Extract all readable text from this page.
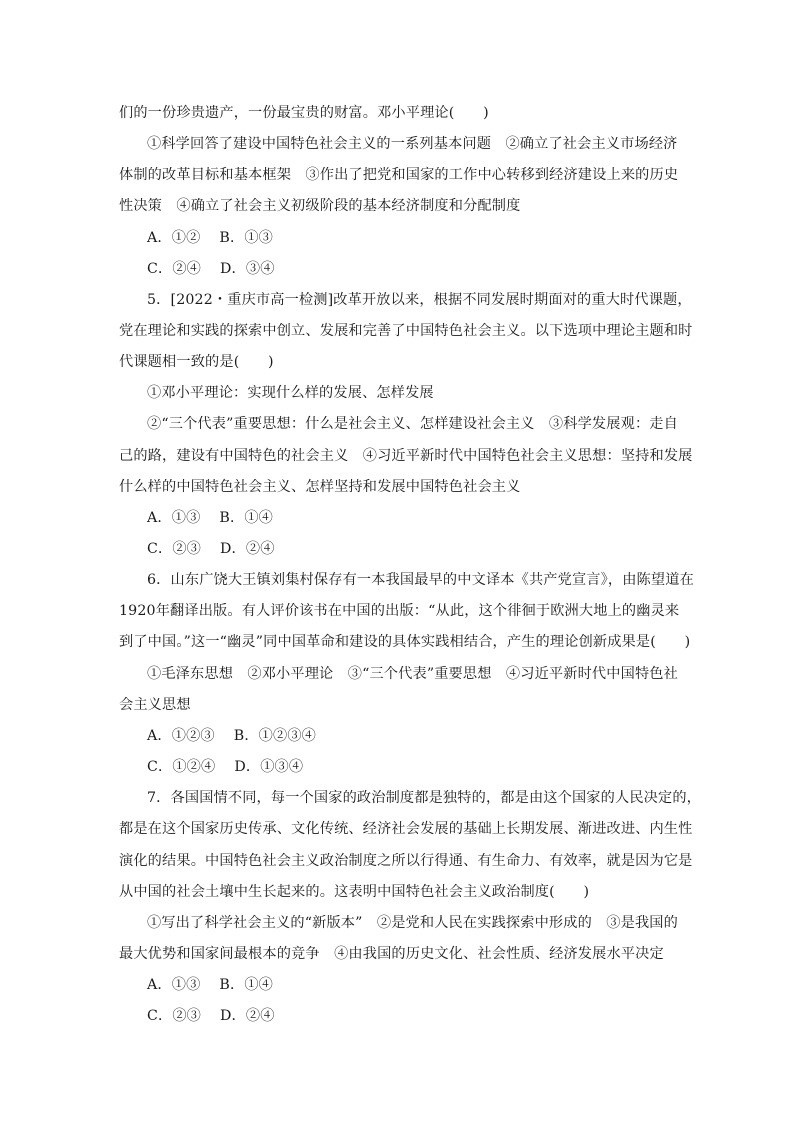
们的一份珍贵遗产，一份最宝贵的财富。邓小平理论(　　)
①科学回答了建设中国特色社会主义的一系列基本问题　②确立了社会主义市场经济
体制的改革目标和基本框架　③作出了把党和国家的工作中心转移到经济建设上来的历史
性决策　④确立了社会主义初级阶段的基本经济制度和分配制度
A．①②　 B．①③
C．②④　 D．③④
5．[2022・重庆市高一检测]改革开放以来，根据不同发展时期面对的重大时代课题，
党在理论和实践的探索中创立、发展和完善了中国特色社会主义。以下选项中理论主题和时
代课题相一致的是(　　)
①邓小平理论：实现什么样的发展、怎样发展
②“三个代表”重要思想：什么是社会主义、怎样建设社会主义　③科学发展观：走自
己的路，建设有中国特色的社会主义　④习近平新时代中国特色社会主义思想：坚持和发展
什么样的中国特色社会主义、怎样坚持和发展中国特色社会主义
A．①③　 B．①④
C．②③　 D．②④
6．山东广饶大王镇刘集村保存有一本我国最早的中文译本《共产党宣言》，由陈望道在
1920年翻译出版。有人评价该书在中国的出版：“从此，这个徘徊于欧洲大地上的幽灵来
到了中国。”这一“幽灵”同中国革命和建设的具体实践相结合，产生的理论创新成果是(　　)
①毛泽东思想　②邓小平理论　③“三个代表”重要思想　④习近平新时代中国特色社
会主义思想
A．①②③　 B．①②③④
C．①②④　 D．①③④
7．各国国情不同，每一个国家的政治制度都是独特的，都是由这个国家的人民决定的，
都是在这个国家历史传承、文化传统、经济社会发展的基础上长期发展、渐进改进、内生性
演化的结果。中国特色社会主义政治制度之所以行得通、有生命力、有效率，就是因为它是
从中国的社会土壤中生长起来的。这表明中国特色社会主义政治制度(　　)
①写出了科学社会主义的“新版本”　②是党和人民在实践探索中形成的　③是我国的
最大优势和国家间最根本的竞争　④由我国的历史文化、社会性质、经济发展水平决定
A．①③　 B．①④
C．②③　 D．②④
